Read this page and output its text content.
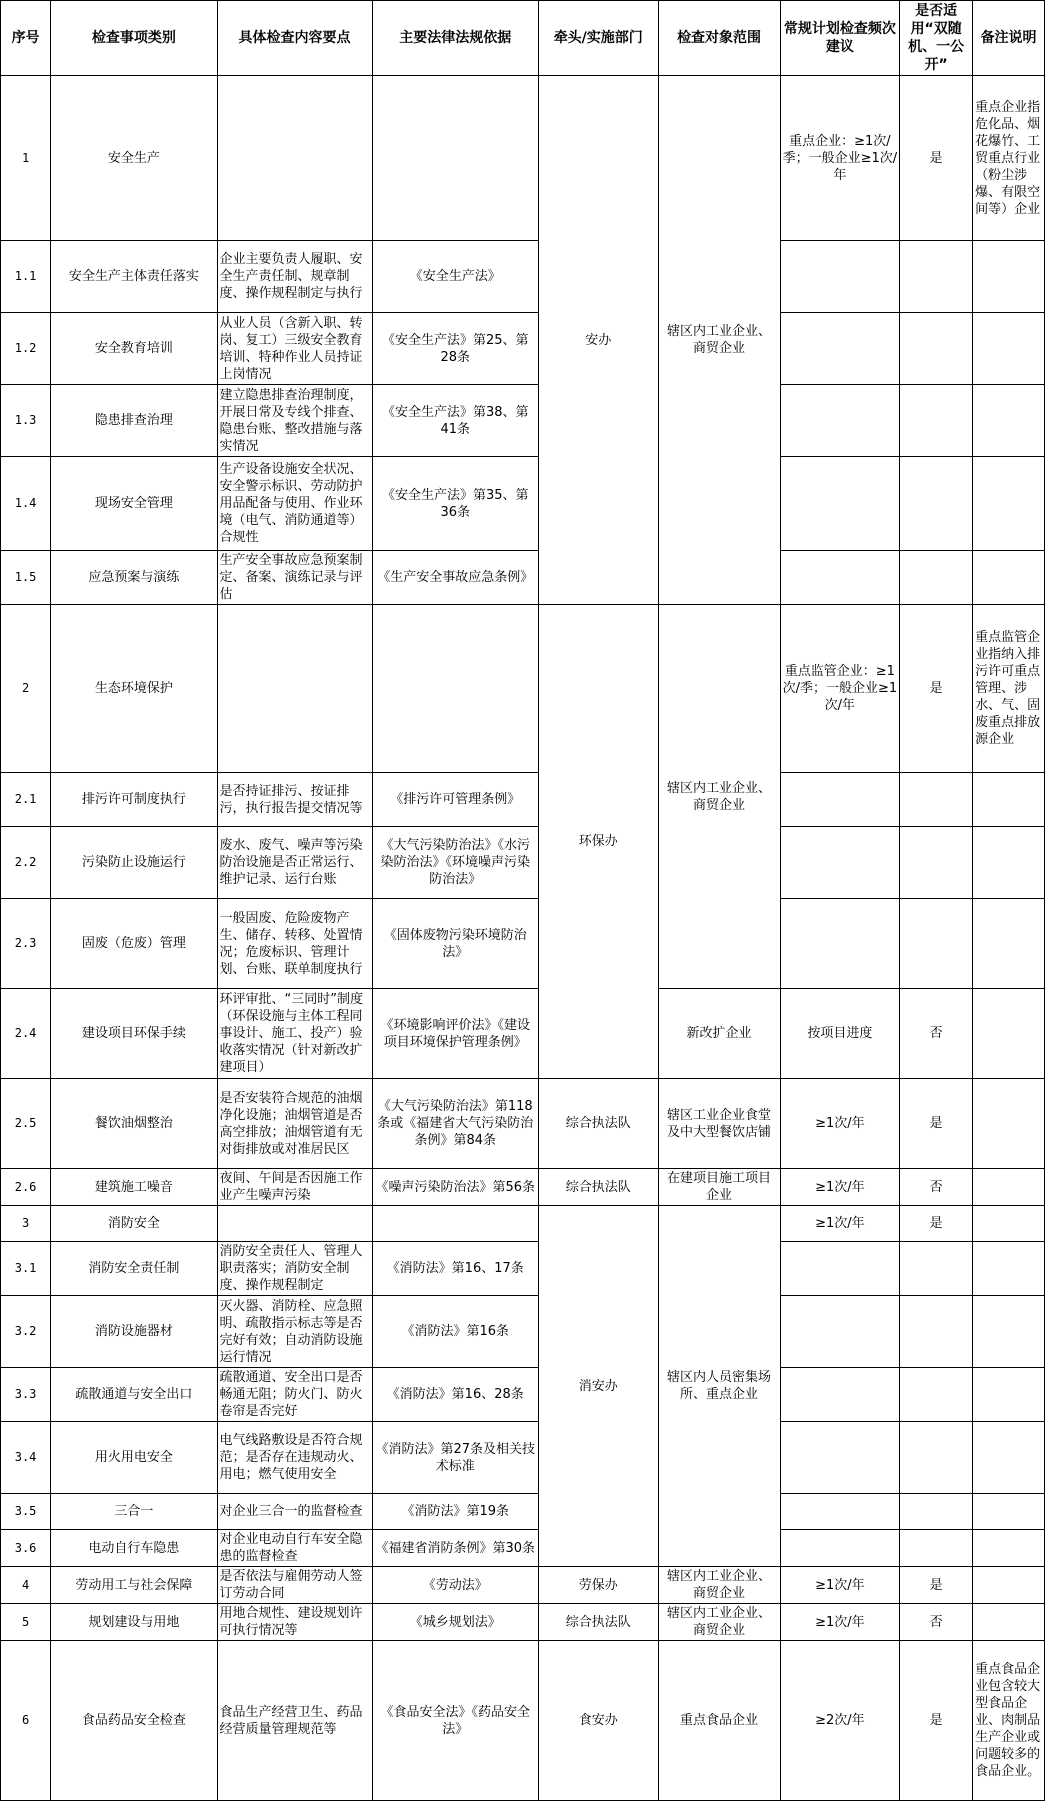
序号	检查事项类别	具体检查内容要点	主要法律法规依据	牵头/实施部门	检查对象范围	常规计划检查频次建议	是否适用“双随机、一公开”	备注说明
1	安全生产			安办	辖区内工业企业、商贸企业	重点企业：≥1次/季；一般企业≥1次/年	是	重点企业指危化品、烟花爆竹、工贸重点行业（粉尘涉爆、有限空间等）企业
1.1	安全生产主体责任落实	企业主要负责人履职、安全生产责任制、规章制度、操作规程制定与执行	《安全生产法》					
1.2	安全教育培训	从业人员（含新入职、转岗、复工）三级安全教育培训、特种作业人员持证上岗情况	《安全生产法》第25、第28条					
1.3	隐患排查治理	建立隐患排查治理制度，开展日常及专线个排查、隐患台账、整改措施与落实情况	《安全生产法》第38、第41条					
1.4	现场安全管理	生产设备设施安全状况、安全警示标识、劳动防护用品配备与使用、作业环境（电气、消防通道等）合规性	《安全生产法》第35、第36条					
1.5	应急预案与演练	生产安全事故应急预案制定、备案、演练记录与评估	《生产安全事故应急条例》					
2	生态环境保护			环保办	辖区内工业企业、商贸企业	重点监管企业：≥1次/季；一般企业≥1次/年	是	重点监管企业指纳入排污许可重点管理、涉水、气、固废重点排放源企业
2.1	排污许可制度执行	是否持证排污、按证排污，执行报告提交情况等	《排污许可管理条例》					
2.2	污染防止设施运行	废水、废气、噪声等污染防治设施是否正常运行、维护记录、运行台账	《大气污染防治法》《水污染防治法》《环境噪声污染防治法》					
2.3	固废（危废）管理	一般固废、危险废物产生、储存、转移、处置情况；危废标识、管理计划、台账、联单制度执行	《固体废物污染环境防治法》					
2.4	建设项目环保手续	环评审批、“三同时”制度（环保设施与主体工程同事设计、施工、投产）验收落实情况（针对新改扩建项目）	《环境影响评价法》《建设项目环境保护管理条例》		新改扩企业	按项目进度	否	
2.5	餐饮油烟整治	是否安装符合规范的油烟净化设施；油烟管道是否高空排放；油烟管道有无对街排放或对准居民区	《大气污染防治法》第118条或《福建省大气污染防治条例》第84条	综合执法队	辖区工业企业食堂及中大型餐饮店铺	≥1次/年	是	
2.6	建筑施工噪音	夜间、午间是否因施工作业产生噪声污染	《噪声污染防治法》第56条	综合执法队	在建项目施工项目企业	≥1次/年	否	
3	消防安全			消安办	辖区内人员密集场所、重点企业	≥1次/年	是	
3.1	消防安全责任制	消防安全责任人、管理人职责落实；消防安全制度、操作规程制定	《消防法》第16、17条					
3.2	消防设施器材	灭火器、消防栓、应急照明、疏散指示标志等是否完好有效；自动消防设施运行情况	《消防法》第16条					
3.3	疏散通道与安全出口	疏散通道、安全出口是否畅通无阻；防火门、防火卷帘是否完好	《消防法》第16、28条					
3.4	用火用电安全	电气线路敷设是否符合规范；是否存在违规动火、用电；燃气使用安全	《消防法》第27条及相关技术标准					
3.5	三合一	对企业三合一的监督检查	《消防法》第19条					
3.6	电动自行车隐患	对企业电动自行车安全隐患的监督检查	《福建省消防条例》第30条					
4	劳动用工与社会保障	是否依法与雇佣劳动人签订劳动合同	《劳动法》	劳保办	辖区内工业企业、商贸企业	≥1次/年	是	
5	规划建设与用地	用地合规性、建设规划许可执行情况等	《城乡规划法》	综合执法队	辖区内工业企业、商贸企业	≥1次/年	否	
6	食品药品安全检查	食品生产经营卫生、药品经营质量管理规范等	《食品安全法》《药品安全法》	食安办	重点食品企业	≥2次/年	是	重点食品企业包含较大型食品企业、肉制品生产企业或问题较多的食品企业。
